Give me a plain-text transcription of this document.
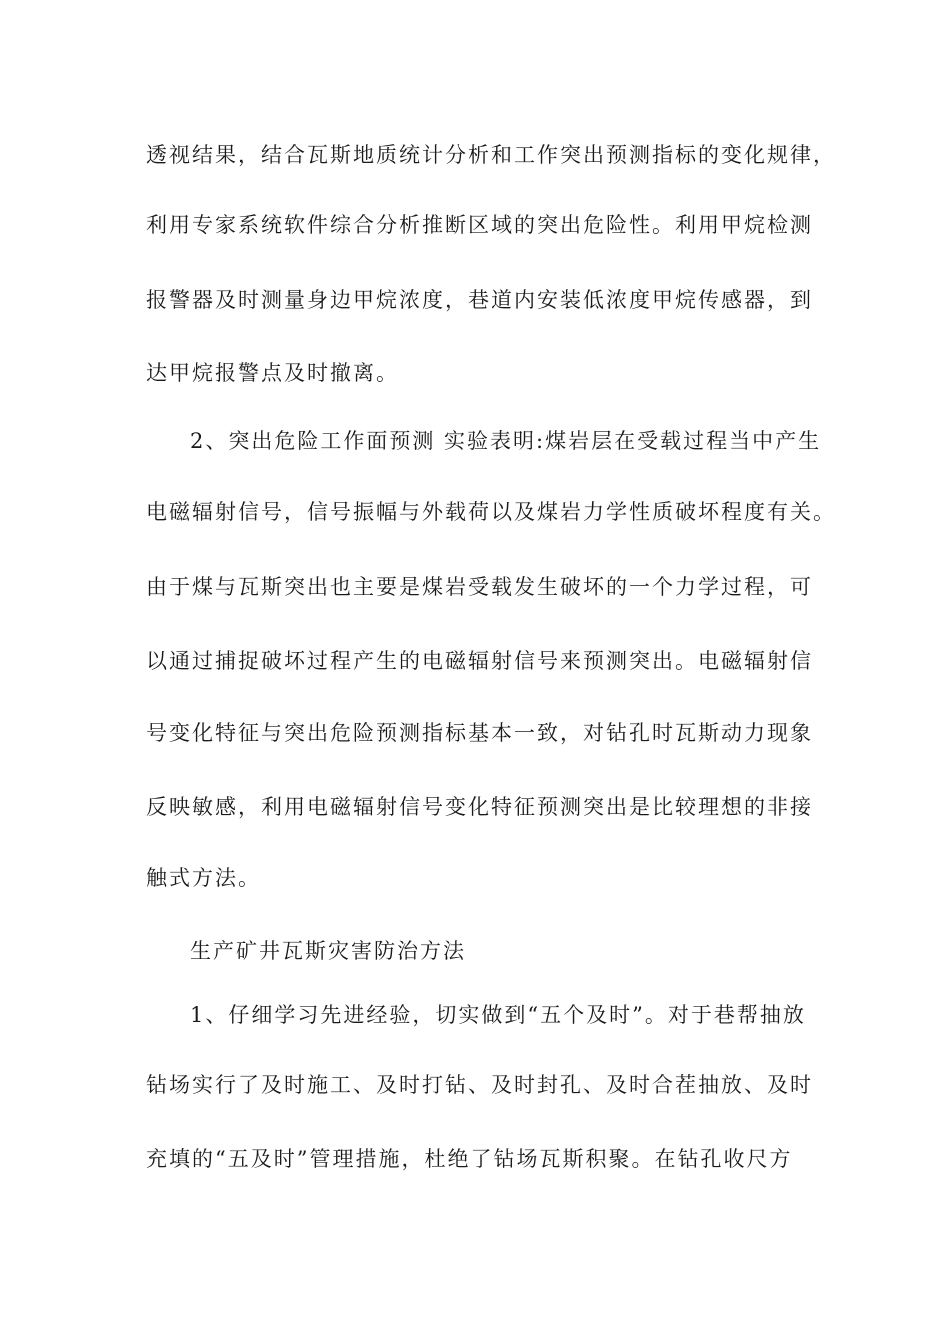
透视结果，结合瓦斯地质统计分析和工作突出预测指标的变化规律，
利用专家系统软件综合分析推断区域的突出危险性。利用甲烷检测
报警器及时测量身边甲烷浓度，巷道内安装低浓度甲烷传感器，到
达甲烷报警点及时撤离。
2、突出危险工作面预测 实验表明:煤岩层在受载过程当中产生
电磁辐射信号，信号振幅与外载荷以及煤岩力学性质破坏程度有关。
由于煤与瓦斯突出也主要是煤岩受载发生破坏的一个力学过程，可
以通过捕捉破坏过程产生的电磁辐射信号来预测突出。电磁辐射信
号变化特征与突出危险预测指标基本一致，对钻孔时瓦斯动力现象
反映敏感，利用电磁辐射信号变化特征预测突出是比较理想的非接
触式方法。
生产矿井瓦斯灾害防治方法
1、仔细学习先进经验，切实做到“五个及时”。对于巷帮抽放
钻场实行了及时施工、及时打钻、及时封孔、及时合茬抽放、及时
充填的“五及时”管理措施，杜绝了钻场瓦斯积聚。在钻孔收尺方
